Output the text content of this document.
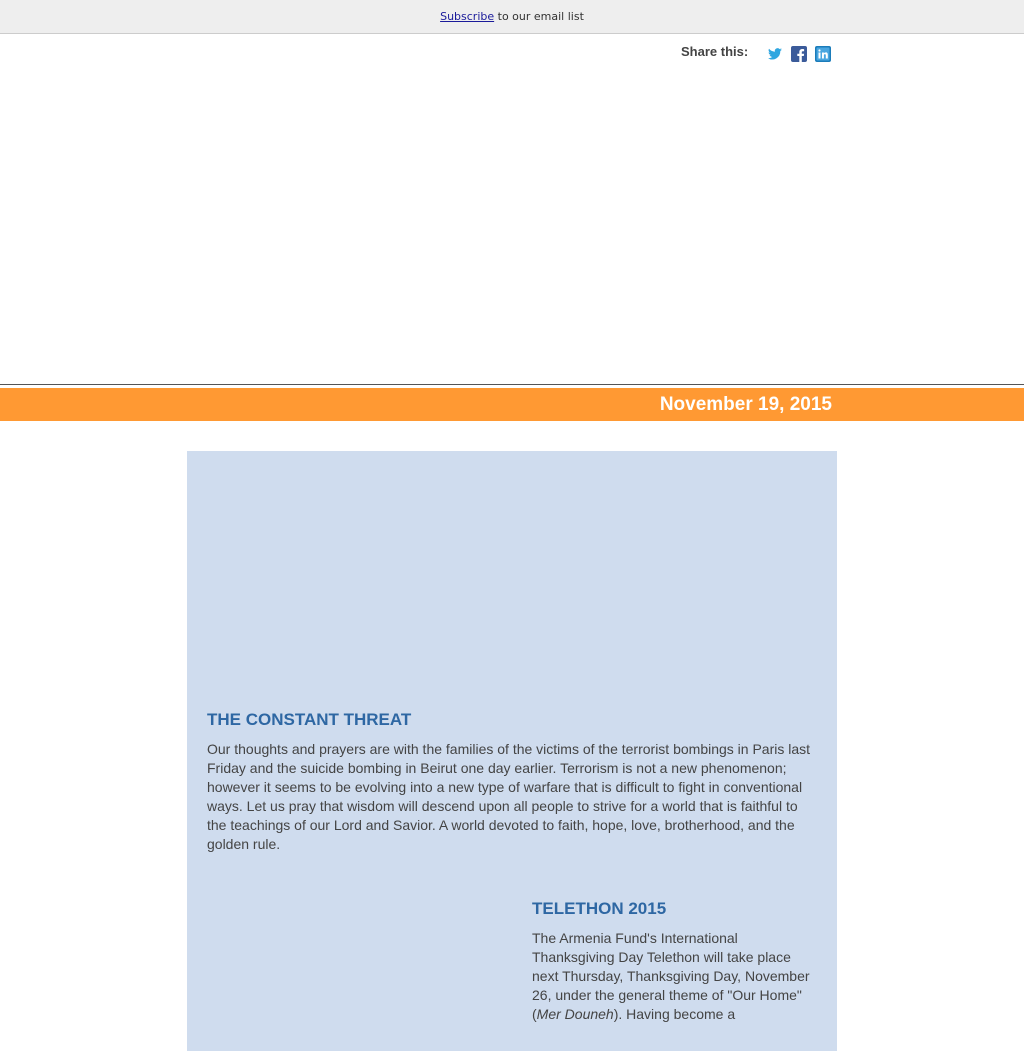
Subscribe to our email list
Share this:
November 19, 2015
THE CONSTANT THREAT

Our thoughts and prayers are with the families of the victims of the terrorist bombings in Paris last Friday and the suicide bombing in Beirut one day earlier. Terrorism is not a new phenomenon; however it seems to be evolving into a new type of warfare that is difficult to fight in conventional ways. Let us pray that wisdom will descend upon all people to strive for a world that is faithful to the teachings of our Lord and Savior. A world devoted to faith, hope, love, brotherhood, and the golden rule.

TELETHON 2015

The Armenia Fund's International Thanksgiving Day Telethon will take place next Thursday, Thanksgiving Day, November 26, under the general theme of "Our Home" (Mer Douneh). Having become a
